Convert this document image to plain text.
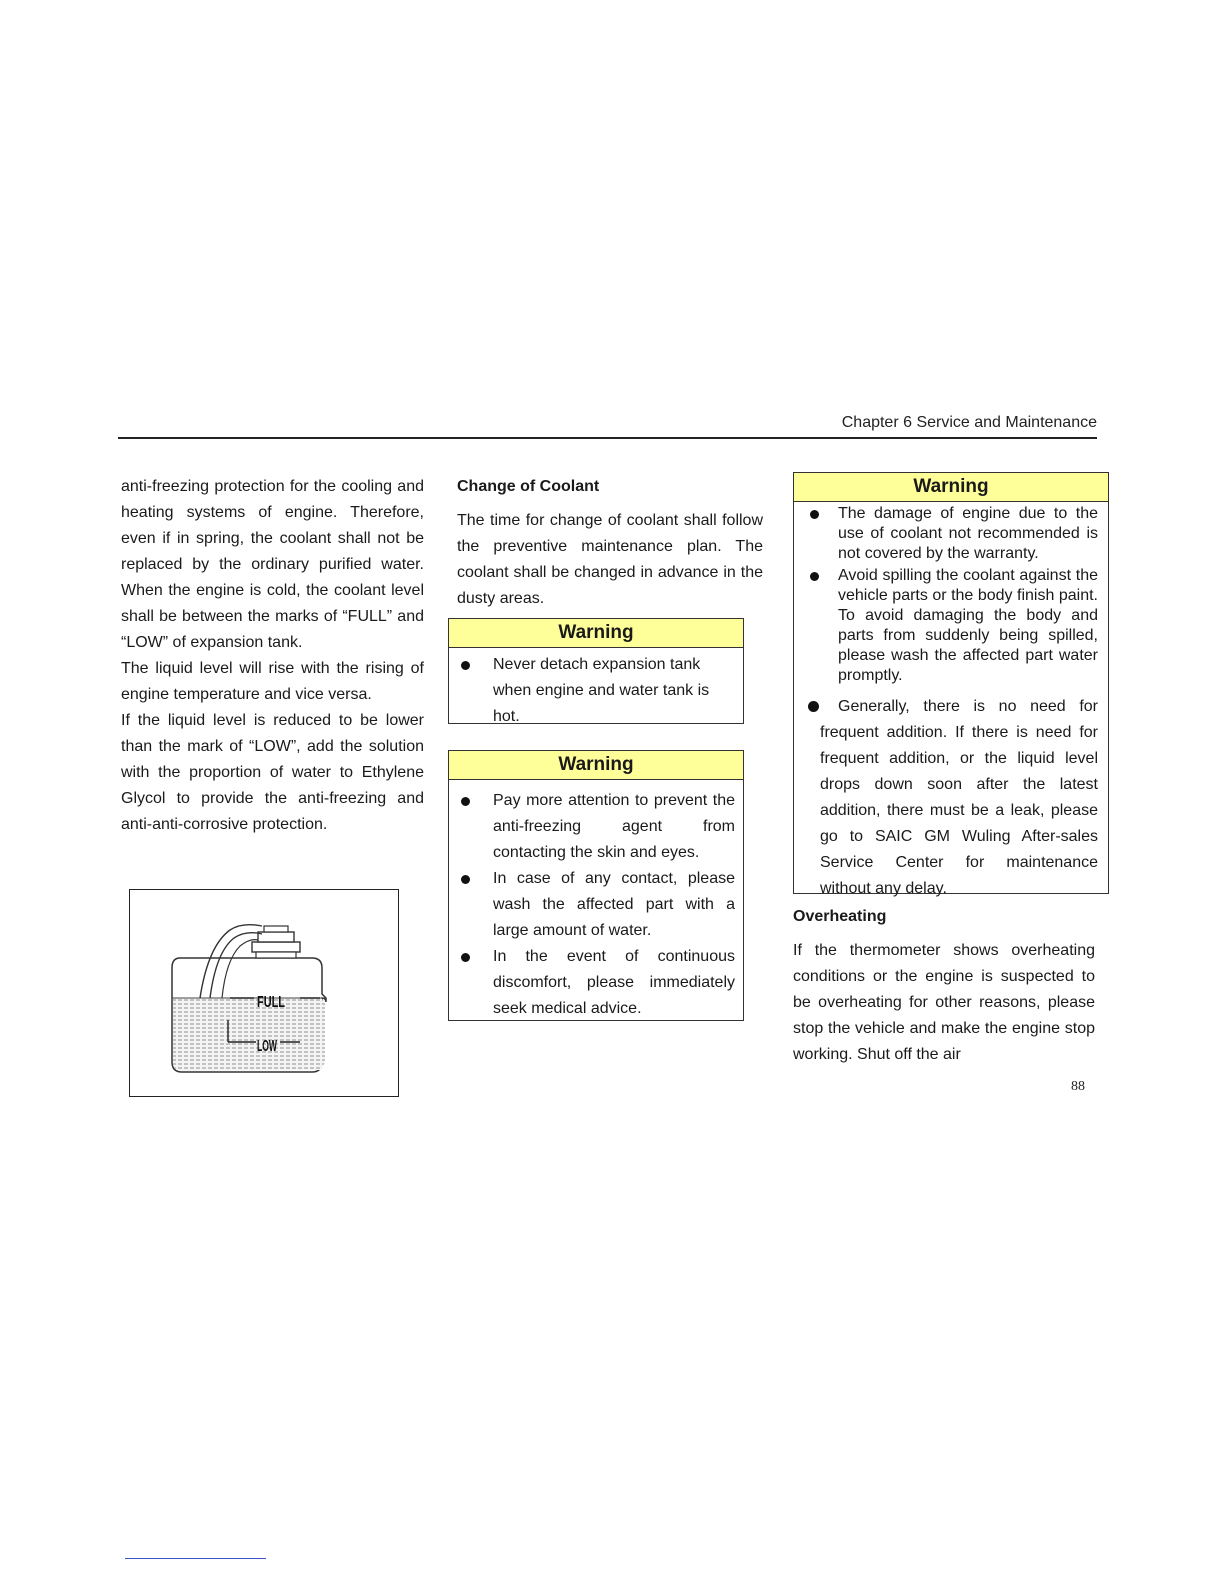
Chapter 6 Service and Maintenance

anti-freezing protection for the cooling and heating systems of engine. Therefore, even if in spring, the coolant shall not be replaced by the ordinary purified water. When the engine is cold, the coolant level shall be between the marks of “FULL” and “LOW” of expansion tank.

The liquid level will rise with the rising of engine temperature and vice versa.

If the liquid level is reduced to be lower than the mark of “LOW”, add the solution with the proportion of water to Ethylene Glycol to provide the anti-freezing and anti-anti-corrosive protection.

FULL
LOW

Change of Coolant

The time for change of coolant shall follow the preventive maintenance plan. The coolant shall be changed in advance in the dusty areas.

Warning
Never detach expansion tank when engine and water tank is hot.
Warning
Pay more attention to prevent the anti-freezing agent from contacting the skin and eyes.
In case of any contact, please wash the affected part with a large amount of water.
In the event of continuous discomfort, please immediately seek medical advice.
Warning
The damage of engine due to the use of coolant not recommended is not covered by the warranty.
Avoid spilling the coolant against the vehicle parts or the body finish paint. To avoid damaging the body and parts from suddenly being spilled, please wash the affected part water promptly.
Generally, there is no need for frequent addition. If there is need for frequent addition, or the liquid level drops down soon after the latest addition, there must be a leak, please go to SAIC GM Wuling After-sales Service Center for maintenance without any delay.

Overheating

If the thermometer shows overheating conditions or the engine is suspected to be overheating for other reasons, please stop the vehicle and make the engine stop working. Shut off the air

88
